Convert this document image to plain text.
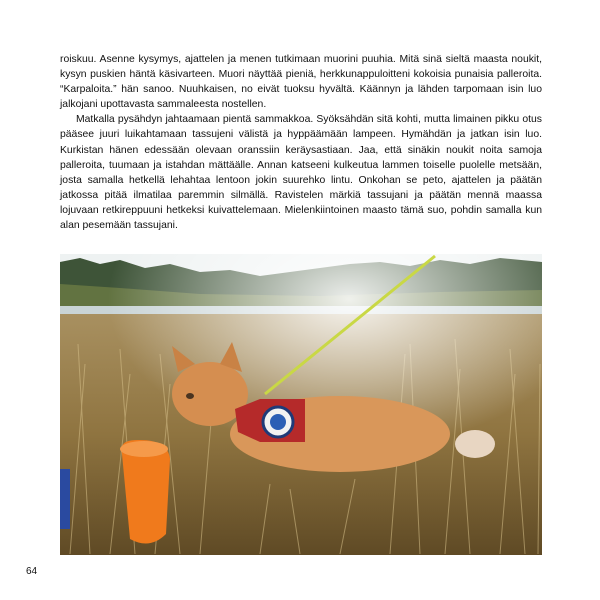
roiskuu. Asenne kysymys, ajattelen ja menen tutkimaan muorini puuhia. Mitä sinä sieltä maasta noukit, kysyn puskien häntä käsivarteen. Muori näyttää pieniä, herkkunappuloitteni kokoisia punaisia palleroita. “Karpaloita.” hän sanoo. Nuuhkaisen, no eivät tuoksu hyvältä. Käännyn ja lähden tarpomaan isin luo jalkojani upottavasta sammaleesta nostellen.

Matkalla pysähdyn jahtaamaan pientä sammakkoa. Syöksähdän sitä kohti, mutta limainen pikku otus pääsee juuri luikahtamaan tassujeni välistä ja hyppäämään lampeen. Hymähdän ja jatkan isin luo. Kurkistan hänen edessään olevaan oranssiin keräysastiaan. Jaa, että sinäkin noukit noita samoja palleroita, tuumaan ja istahdan mättäälle. Annan katseeni kulkeutua lammen toiselle puolelle metsään, josta samalla hetkellä lehahtaa lentoon jokin suurehko lintu. Onkohan se peto, ajattelen ja päätän jatkossa pitää ilmatilaa paremmin silmällä. Ravistelen märkiä tassujani ja päätän mennä maassa lojuvaan retkireppuuni hetkeksi kuivattelemaan. Mielenkiintoinen maasto tämä suo, pohdin samalla kun alan pesemään tassujani.

64
